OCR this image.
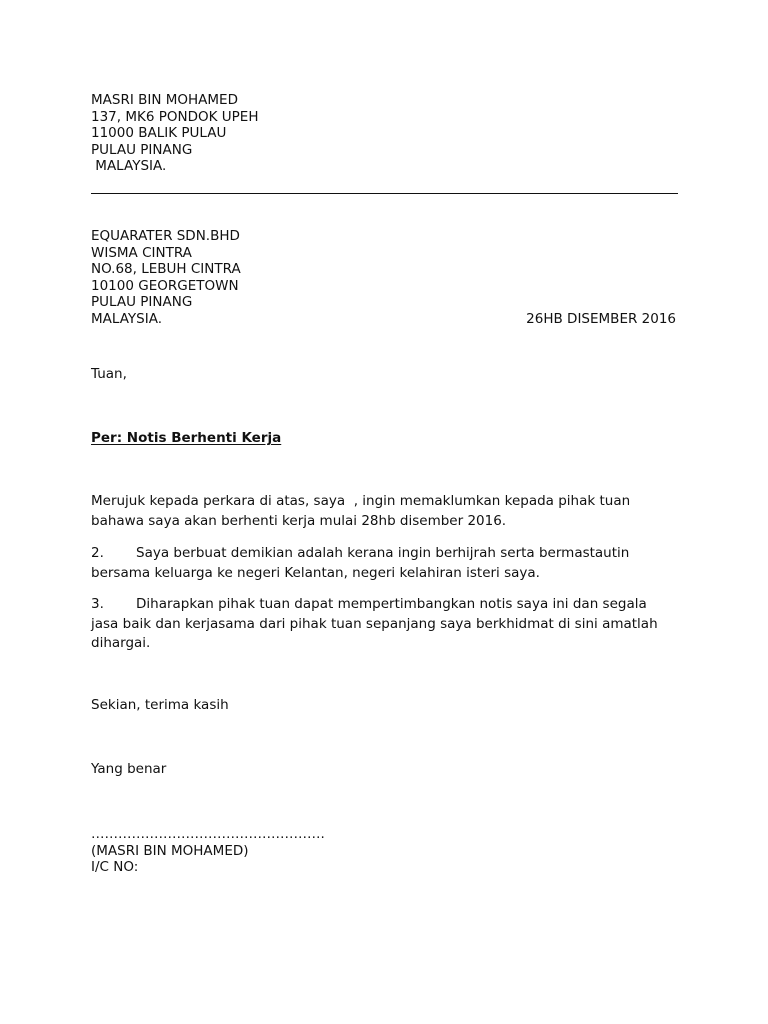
MASRI BIN MOHAMED
137, MK6 PONDOK UPEH
11000 BALIK PULAU
PULAU PINANG
MALAYSIA.
EQUARATER SDN.BHD
WISMA CINTRA
NO.68, LEBUH CINTRA
10100 GEORGETOWN
PULAU PINANG
MALAYSIA.	26HB DISEMBER 2016
Tuan,
Per: Notis Berhenti Kerja
Merujuk kepada perkara di atas, saya  , ingin memaklumkan kepada pihak tuan
bahawa saya akan berhenti kerja mulai 28hb disember 2016.
2. Saya berbuat demikian adalah kerana ingin berhijrah serta bermastautin
bersama keluarga ke negeri Kelantan, negeri kelahiran isteri saya.
3. Diharapkan pihak tuan dapat mempertimbangkan notis saya ini dan segala
jasa baik dan kerjasama dari pihak tuan sepanjang saya berkhidmat di sini amatlah
dihargai.
Sekian, terima kasih
Yang benar
…………………………………………….
(MASRI BIN MOHAMED)
I/C NO:
